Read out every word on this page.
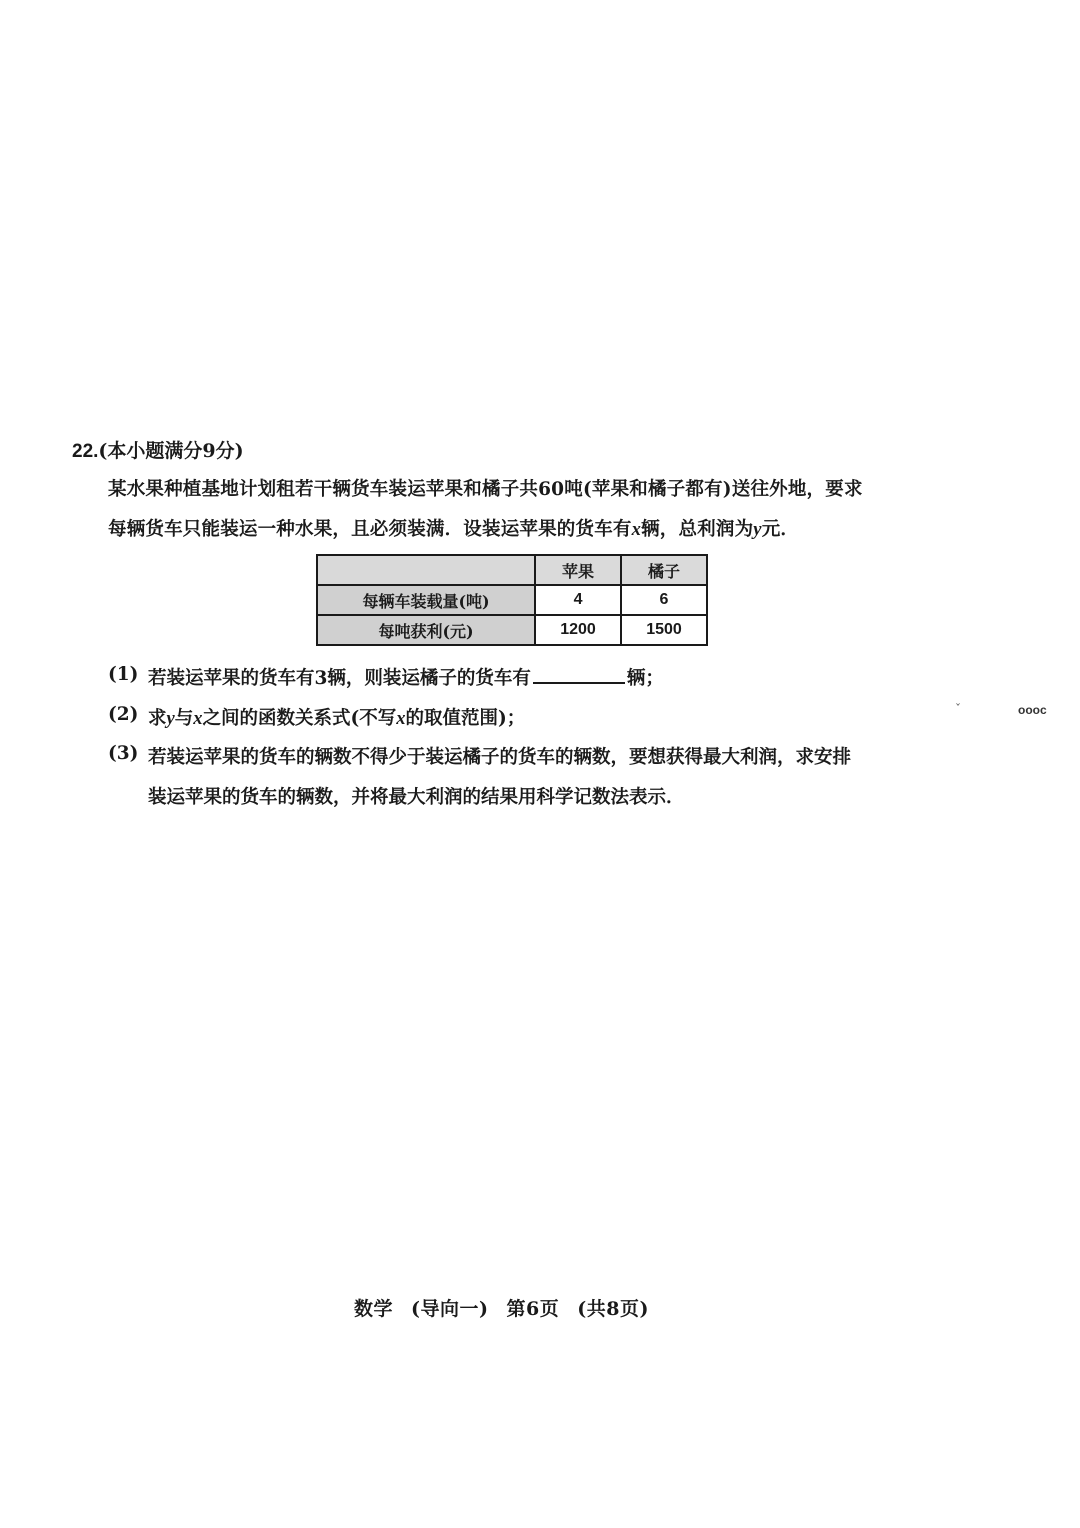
22.(本小题满分9分)
某水果种植基地计划租若干辆货车装运苹果和橘子共60吨(苹果和橘子都有)送往外地，要求
每辆货车只能装运一种水果，且必须装满．设装运苹果的货车有x辆，总利润为y元．
	苹果	橘子
每辆车装载量(吨)	4	6
每吨获利(元)	1200	1500
(1) 若装运苹果的货车有3辆，则装运橘子的货车有	辆；
(2) 求y与x之间的函数关系式(不写x的取值范围)；
(3) 若装运苹果的货车的辆数不得少于装运橘子的货车的辆数，要想获得最大利润，求安排
装运苹果的货车的辆数，并将最大利润的结果用科学记数法表示．
ˇ	oooc
数学 (导向一) 第6页 (共8页)
